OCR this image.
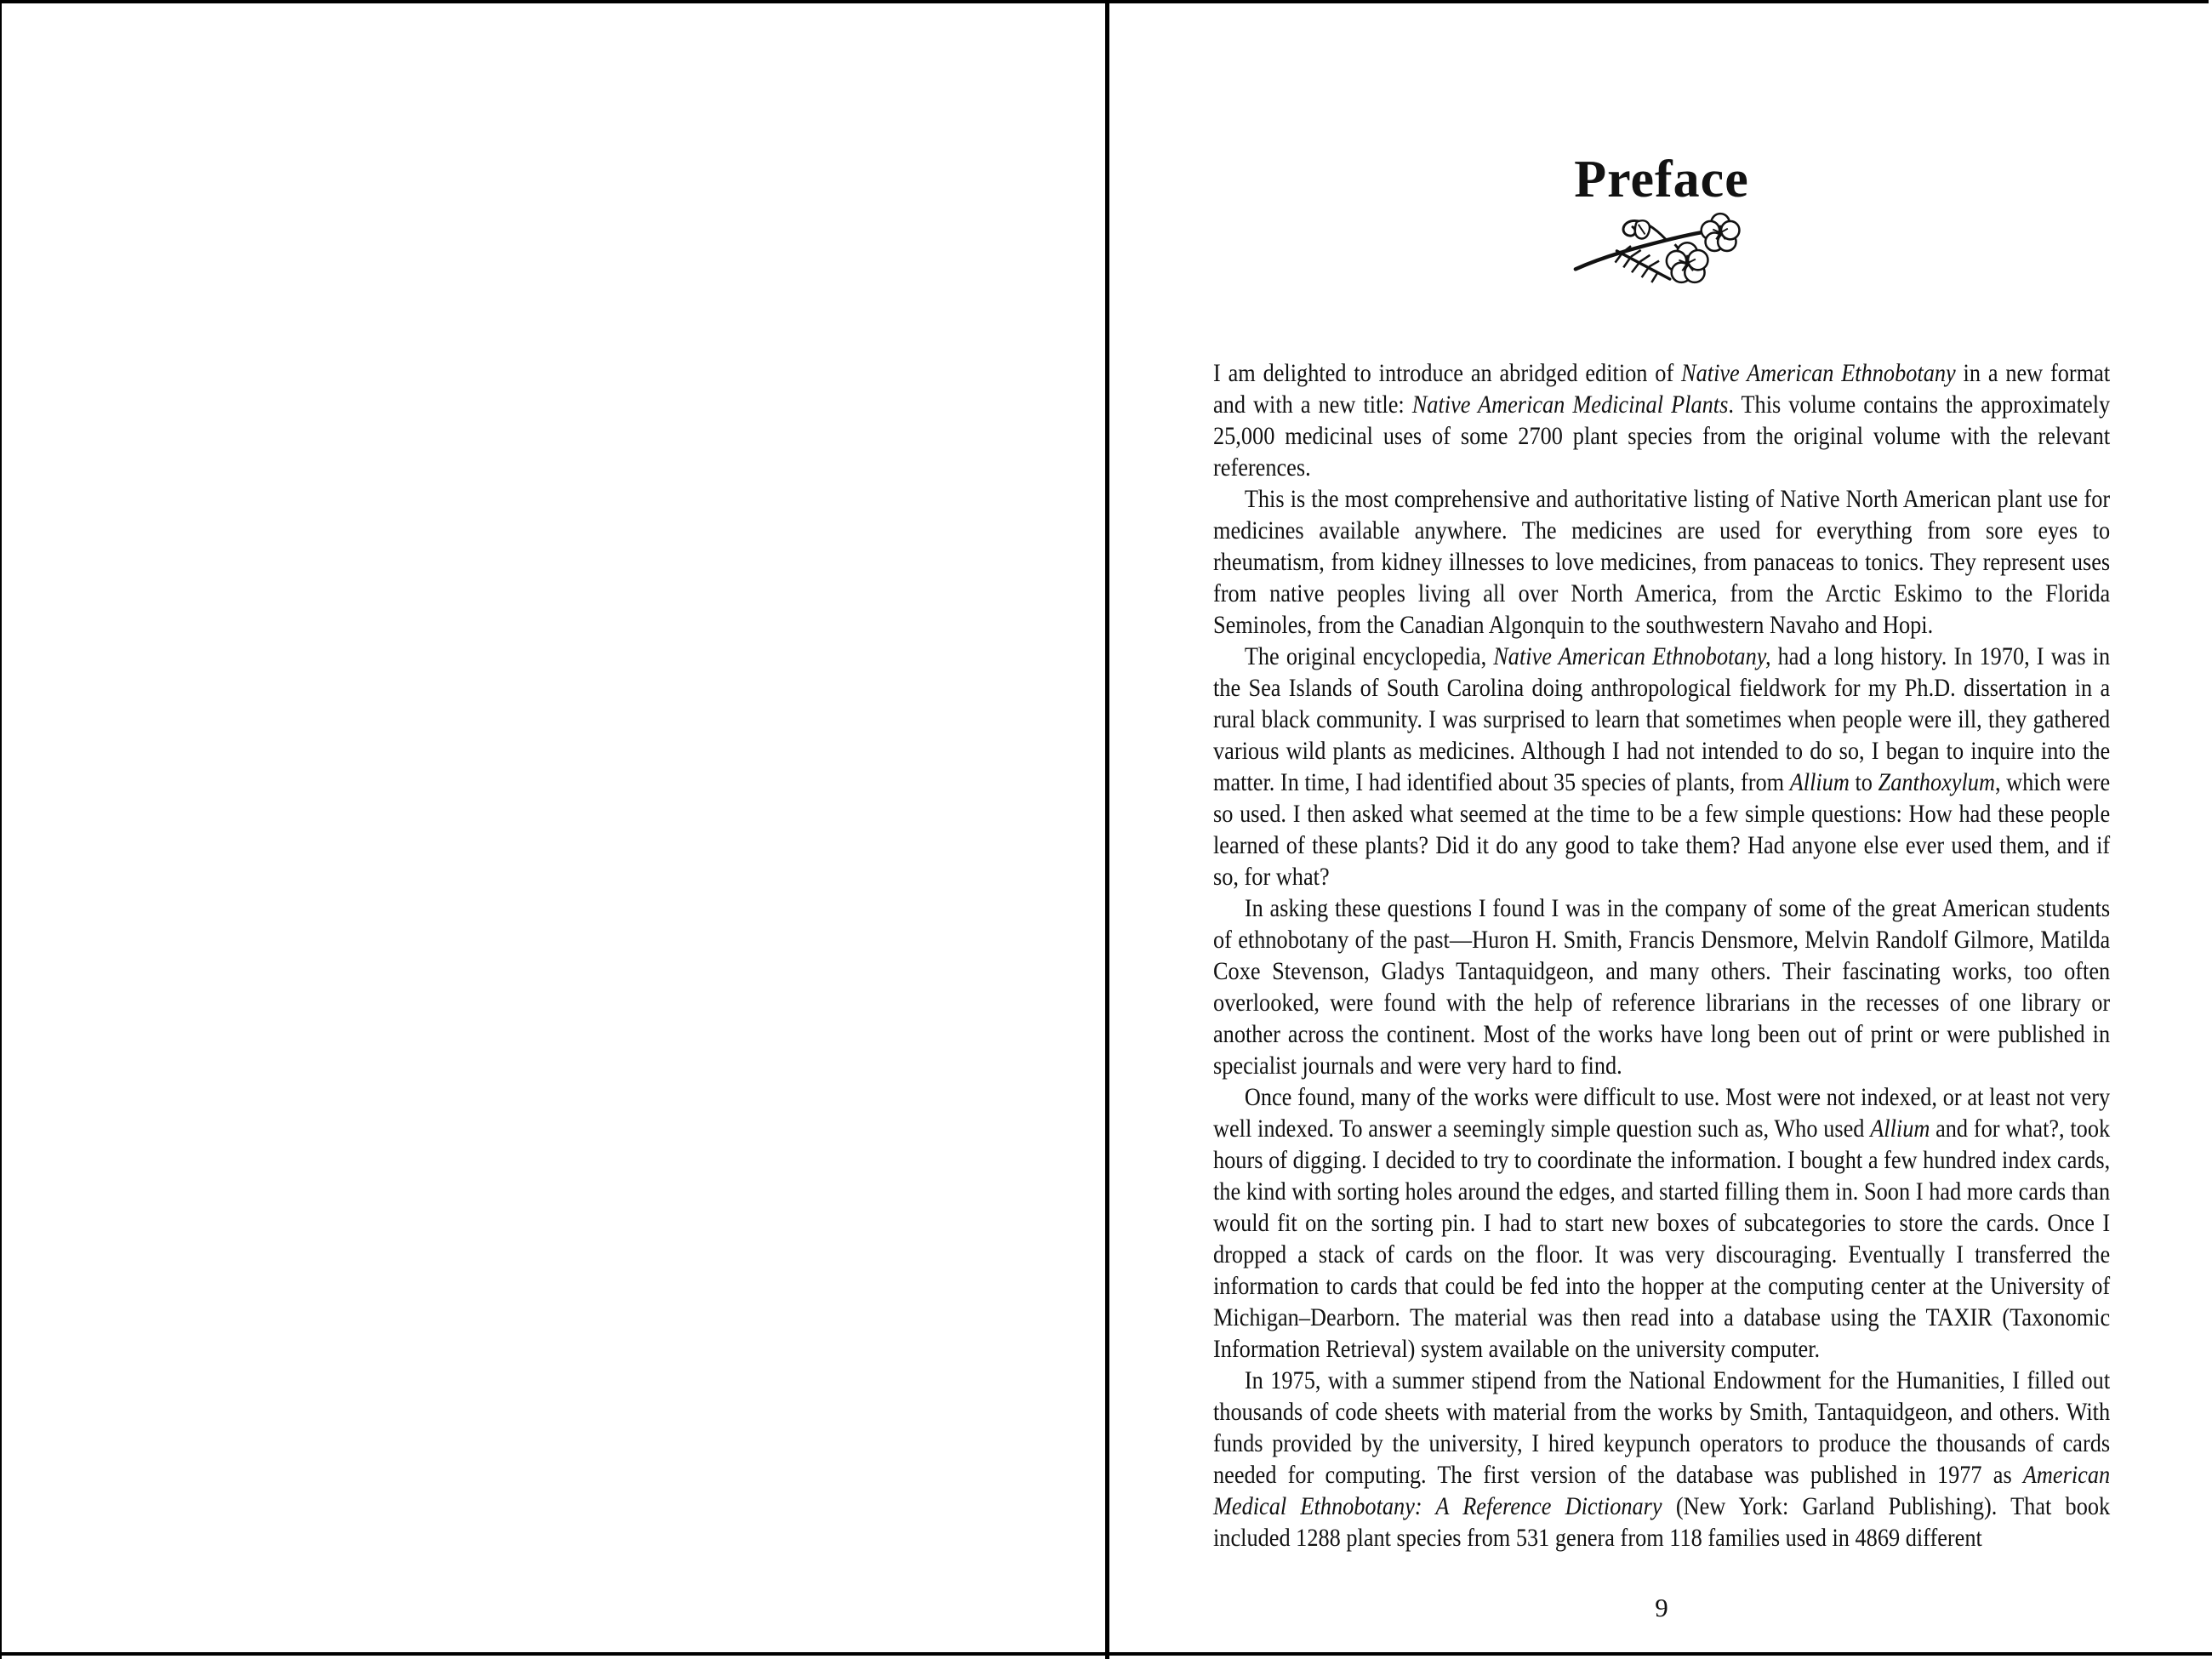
Preface

I am delighted to introduce an abridged edition of Native American Ethnobotany in a new format and with a new title: Native American Medicinal Plants. This volume contains the approximately 25,000 medicinal uses of some 2700 plant species from the original volume with the relevant references.

This is the most comprehensive and authoritative listing of Native North American plant use for medicines available anywhere. The medicines are used for everything from sore eyes to rheumatism, from kidney illnesses to love medicines, from panaceas to tonics. They represent uses from native peoples living all over North America, from the Arctic Eskimo to the Florida Seminoles, from the Canadian Algonquin to the southwestern Navaho and Hopi.

The original encyclopedia, Native American Ethnobotany, had a long history. In 1970, I was in the Sea Islands of South Carolina doing anthropological fieldwork for my Ph.D. dissertation in a rural black community. I was surprised to learn that sometimes when people were ill, they gathered various wild plants as medicines. Although I had not intended to do so, I began to inquire into the matter. In time, I had identified about 35 species of plants, from Allium to Zanthoxylum, which were so used. I then asked what seemed at the time to be a few simple questions: How had these people learned of these plants? Did it do any good to take them? Had anyone else ever used them, and if so, for what?

In asking these questions I found I was in the company of some of the great American students of ethnobotany of the past—Huron H. Smith, Francis Densmore, Melvin Randolf Gilmore, Matilda Coxe Stevenson, Gladys Tantaquidgeon, and many others. Their fascinating works, too often overlooked, were found with the help of reference librarians in the recesses of one library or another across the continent. Most of the works have long been out of print or were published in specialist journals and were very hard to find.

Once found, many of the works were difficult to use. Most were not indexed, or at least not very well indexed. To answer a seemingly simple question such as, Who used Allium and for what?, took hours of digging. I decided to try to coordinate the information. I bought a few hundred index cards, the kind with sorting holes around the edges, and started filling them in. Soon I had more cards than would fit on the sorting pin. I had to start new boxes of subcategories to store the cards. Once I dropped a stack of cards on the floor. It was very discouraging. Eventually I transferred the information to cards that could be fed into the hopper at the computing center at the University of Michigan–Dearborn. The material was then read into a database using the TAXIR (Taxonomic Information Retrieval) system available on the university computer.

In 1975, with a summer stipend from the National Endowment for the Humanities, I filled out thousands of code sheets with material from the works by Smith, Tantaquidgeon, and others. With funds provided by the university, I hired keypunch operators to produce the thousands of cards needed for computing. The first version of the database was published in 1977 as American Medical Ethnobotany: A Reference Dictionary (New York: Garland Publishing). That book included 1288 plant species from 531 genera from 118 families used in 4869 different

9
